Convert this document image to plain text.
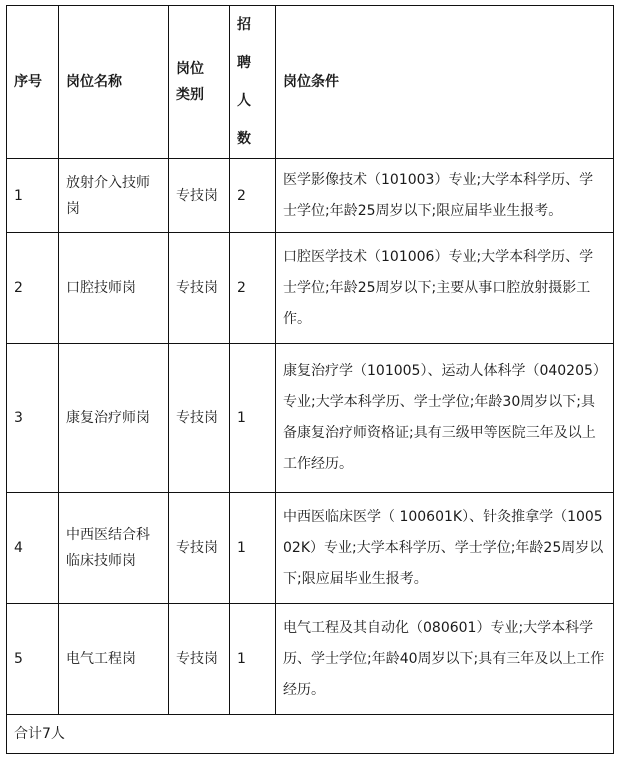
序号	岗位名称	岗位类别	招聘人数	岗位条件
1	放射介入技师岗	专技岗	2	医学影像技术（101003）专业;大学本科学历、学士学位;年龄25周岁以下;限应届毕业生报考。
2	口腔技师岗	专技岗	2	口腔医学技术（101006）专业;大学本科学历、学士学位;年龄25周岁以下;主要从事口腔放射摄影工作。
3	康复治疗师岗	专技岗	1	康复治疗学（101005）、运动人体科学（040205）专业;大学本科学历、学士学位;年龄30周岁以下;具备康复治疗师资格证;具有三级甲等医院三年及以上工作经历。
4	中西医结合科临床技师岗	专技岗	1	中西医临床医学（ 100601K）、针灸推拿学（100502K）专业;大学本科学历、学士学位;年龄25周岁以下;限应届毕业生报考。
5	电气工程岗	专技岗	1	电气工程及其自动化（080601）专业;大学本科学历、学士学位;年龄40周岁以下;具有三年及以上工作经历。
合计7人				
